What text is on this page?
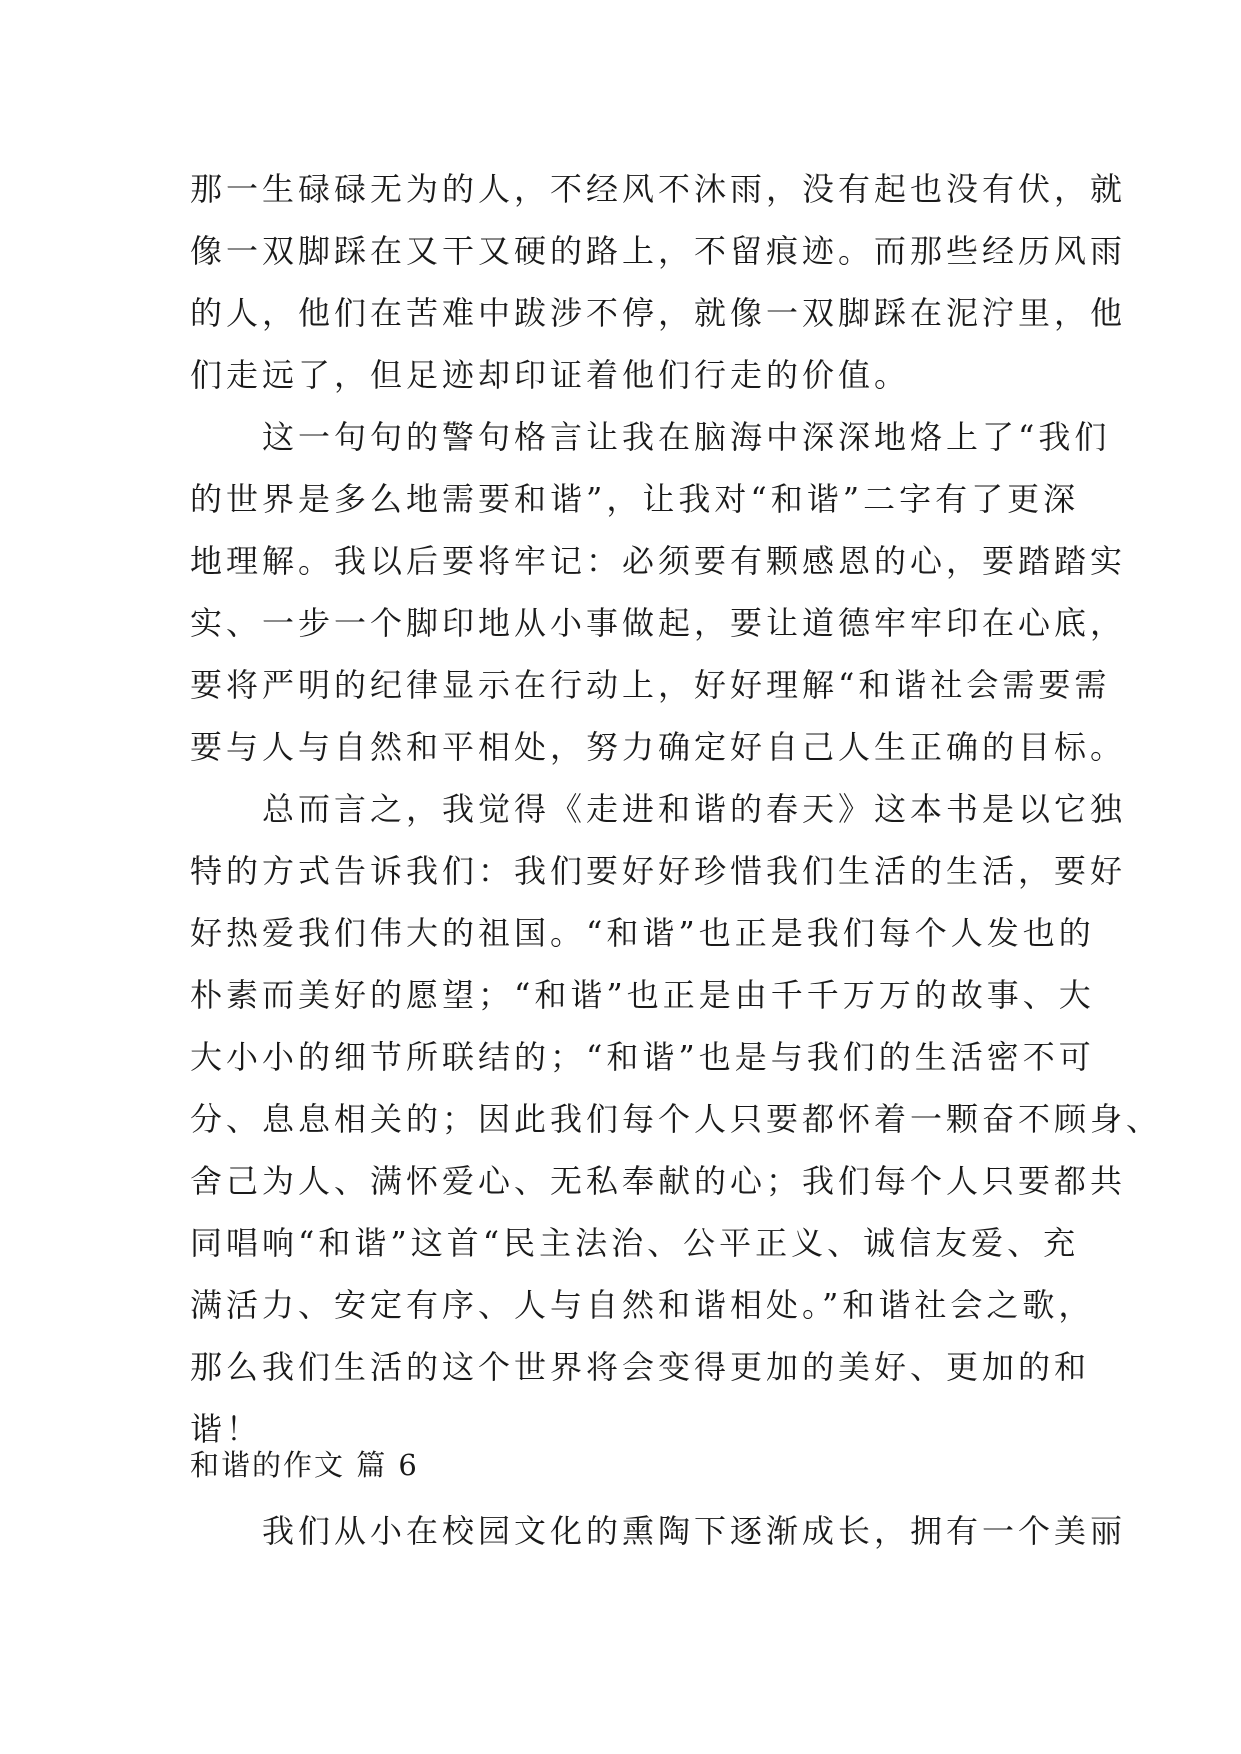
那一生碌碌无为的人，不经风不沐雨，没有起也没有伏，就
像一双脚踩在又干又硬的路上，不留痕迹。而那些经历风雨
的人，他们在苦难中跋涉不停，就像一双脚踩在泥泞里，他
们走远了，但足迹却印证着他们行走的价值。
这一句句的警句格言让我在脑海中深深地烙上了“我们
的世界是多么地需要和谐”，让我对“和谐”二字有了更深
地理解。我以后要将牢记：必须要有颗感恩的心，要踏踏实
实、一步一个脚印地从小事做起，要让道德牢牢印在心底，
要将严明的纪律显示在行动上，好好理解“和谐社会需要需
要与人与自然和平相处，努力确定好自己人生正确的目标。
总而言之，我觉得《走进和谐的春天》这本书是以它独
特的方式告诉我们：我们要好好珍惜我们生活的生活，要好
好热爱我们伟大的祖国。“和谐”也正是我们每个人发也的
朴素而美好的愿望；“和谐”也正是由千千万万的故事、大
大小小的细节所联结的；“和谐”也是与我们的生活密不可
分、息息相关的；因此我们每个人只要都怀着一颗奋不顾身、
舍己为人、满怀爱心、无私奉献的心；我们每个人只要都共
同唱响“和谐”这首“民主法治、公平正义、诚信友爱、充
满活力、安定有序、人与自然和谐相处。”和谐社会之歌，
那么我们生活的这个世界将会变得更加的美好、更加的和
谐！
和谐的作文 篇 6
我们从小在校园文化的熏陶下逐渐成长，拥有一个美丽
